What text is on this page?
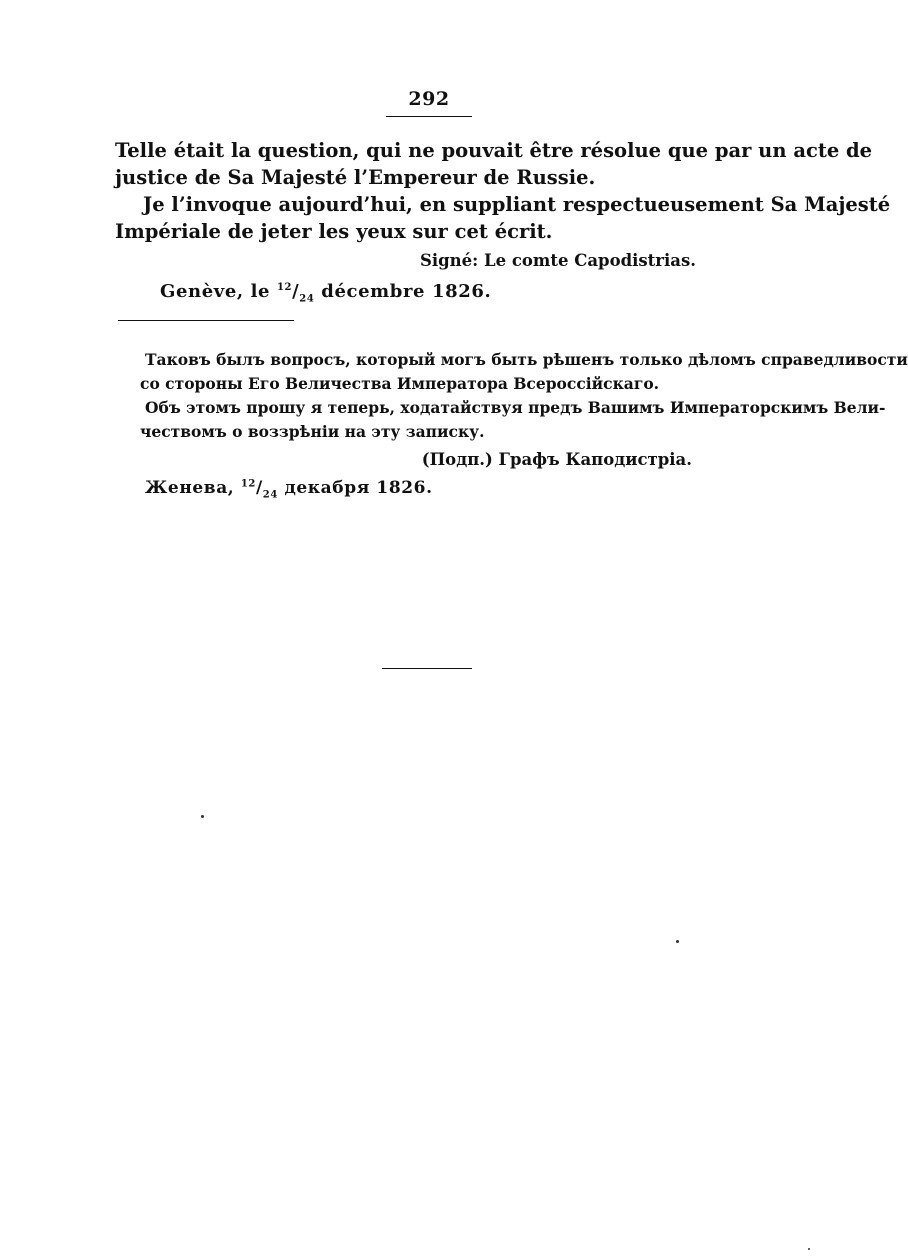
292
Telle était la question, qui ne pouvait être résolue que par un acte de
justice de Sa Majesté l’Empereur de Russie.
Je l’invoque aujourd’hui, en suppliant respectueusement Sa Majesté
Impériale de jeter les yeux sur cet écrit.
Signé: Le comte Capodistrias.
Genève, le $^{12}/_{24}$ décembre 1826.
Таковъ былъ вопросъ, который могъ быть рѣшенъ только дѣломъ справедливости
со стороны Его Величества Императора Всероссійскаго.
Объ этомъ прошу я теперь, ходатайствуя предъ Вашимъ Императорскимъ Вели-
чествомъ о воззрѣніи на эту записку.
(Подп.) Графъ Каподистріа.
Женева, $^{12}/_{24}$ декабря 1826.
